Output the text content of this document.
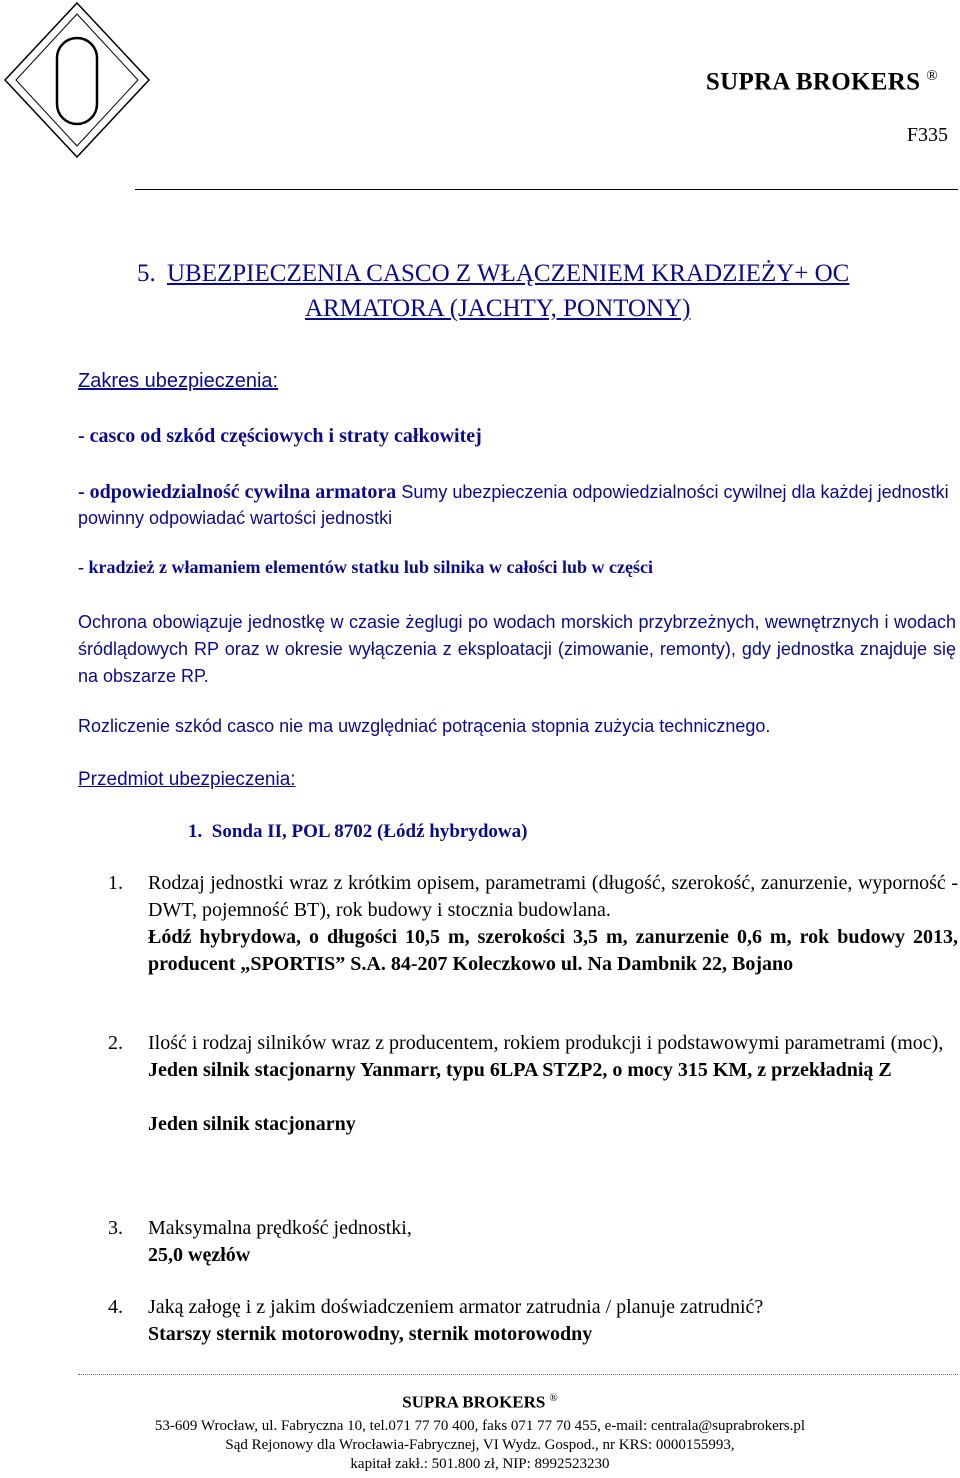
SUPRA BROKERS ®
F335
5. UBEZPIECZENIA CASCO Z WŁĄCZENIEM KRADZIEŻY+ OC
ARMATORA (JACHTY, PONTONY)
Zakres ubezpieczenia:
- casco od szkód częściowych i straty całkowitej
- odpowiedzialność cywilna armatora Sumy ubezpieczenia odpowiedzialności cywilnej dla każdej jednostki powinny odpowiadać wartości jednostki
- kradzież z włamaniem elementów statku lub silnika w całości lub w części
Ochrona obowiązuje jednostkę w czasie żeglugi po wodach morskich przybrzeżnych, wewnętrznych i wodach śródlądowych RP oraz w okresie wyłączenia z eksploatacji (zimowanie, remonty), gdy jednostka znajduje się na obszarze RP.
Rozliczenie szkód casco nie ma uwzględniać potrącenia stopnia zużycia technicznego.
Przedmiot ubezpieczenia:
1. Sonda II, POL 8702 (Łódź hybrydowa)
1.	Rodzaj jednostki wraz z krótkim opisem, parametrami (długość, szerokość, zanurzenie, wyporność - DWT, pojemność BT), rok budowy i stocznia budowlana.
Łódź hybrydowa, o długości 10,5 m, szerokości 3,5 m, zanurzenie 0,6 m, rok budowy 2013, producent „SPORTIS” S.A. 84-207 Koleczkowo ul. Na Dambnik 22, Bojano
2.	Ilość i rodzaj silników wraz z producentem, rokiem produkcji i podstawowymi parametrami (moc),
Jeden silnik stacjonarny Yanmarr, typu 6LPA STZP2, o mocy 315 KM, z przekładnią Z
Jeden silnik stacjonarny
3.	Maksymalna prędkość jednostki,
25,0 węzłów
4.	Jaką załogę i z jakim doświadczeniem armator zatrudnia / planuje zatrudnić?
Starszy sternik motorowodny, sternik motorowodny
SUPRA BROKERS ®
53-609 Wrocław, ul. Fabryczna 10, tel.071 77 70 400, faks 071 77 70 455, e-mail: centrala@suprabrokers.pl
Sąd Rejonowy dla Wrocławia-Fabrycznej, VI Wydz. Gospod., nr KRS: 0000155993,
kapitał zakł.: 501.800 zł, NIP: 8992523230
